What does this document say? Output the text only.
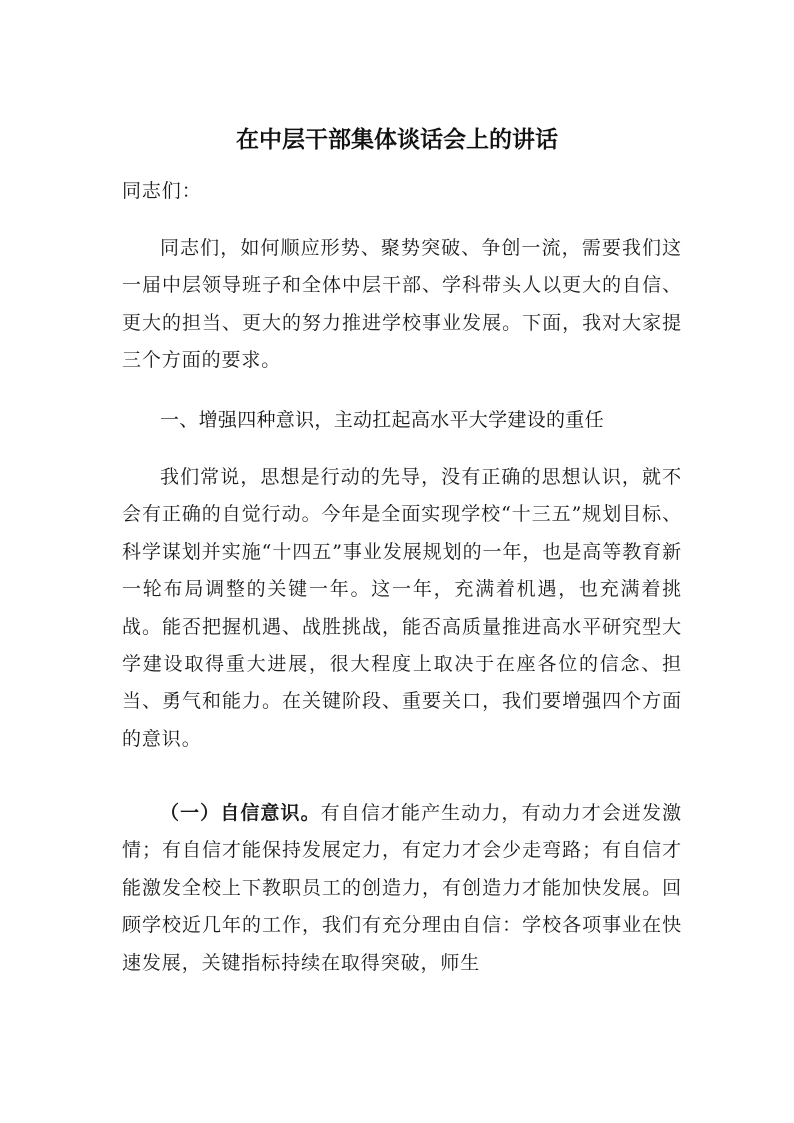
在中层干部集体谈话会上的讲话
同志们：
同志们，如何顺应形势、聚势突破、争创一流，需要我们这一届中层领导班子和全体中层干部、学科带头人以更大的自信、更大的担当、更大的努力推进学校事业发展。下面，我对大家提三个方面的要求。
一、增强四种意识，主动扛起高水平大学建设的重任
我们常说，思想是行动的先导，没有正确的思想认识，就不会有正确的自觉行动。今年是全面实现学校“十三五”规划目标、科学谋划并实施“十四五”事业发展规划的一年，也是高等教育新一轮布局调整的关键一年。这一年，充满着机遇，也充满着挑战。能否把握机遇、战胜挑战，能否高质量推进高水平研究型大学建设取得重大进展，很大程度上取决于在座各位的信念、担当、勇气和能力。在关键阶段、重要关口，我们要增强四个方面的意识。
（一）自信意识。有自信才能产生动力，有动力才会迸发激情；有自信才能保持发展定力，有定力才会少走弯路；有自信才能激发全校上下教职员工的创造力，有创造力才能加快发展。回顾学校近几年的工作，我们有充分理由自信：学校各项事业在快速发展，关键指标持续在取得突破，师生
